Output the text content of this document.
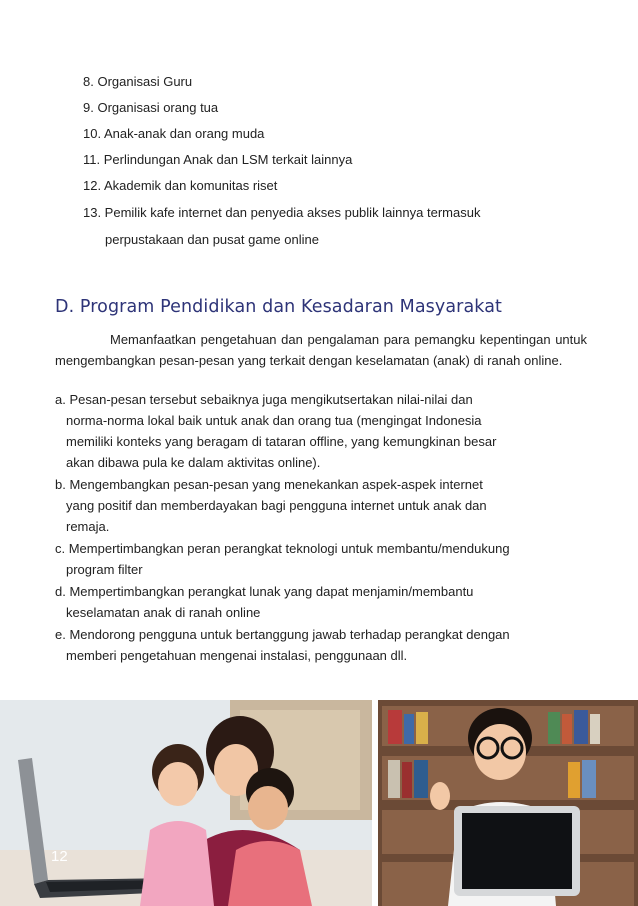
8. Organisasi Guru
9. Organisasi orang tua
10. Anak-anak dan orang muda
11. Perlindungan Anak dan LSM terkait lainnya
12. Akademik dan komunitas riset
13. Pemilik kafe internet dan penyedia akses publik lainnya termasuk
perpustakaan dan pusat game online
D. Program Pendidikan dan Kesadaran Masyarakat

Memanfaatkan pengetahuan dan pengalaman para pemangku kepentingan untuk mengembangkan pesan-pesan yang terkait dengan keselamatan (anak) di ranah online.

a. Pesan-pesan tersebut sebaiknya juga mengikutsertakan nilai-nilai dan
norma-norma lokal baik untuk anak dan orang tua (mengingat Indonesia
memiliki konteks yang beragam di tataran offline, yang kemungkinan besar
akan dibawa pula ke dalam aktivitas online).
b. Mengembangkan pesan-pesan yang menekankan aspek-aspek internet
yang positif dan memberdayakan bagi pengguna internet untuk anak dan
remaja.
c. Mempertimbangkan peran perangkat teknologi untuk membantu/mendukung
program filter
d. Mempertimbangkan perangkat lunak yang dapat menjamin/membantu
keselamatan anak di ranah online
e. Mendorong pengguna untuk bertanggung jawab terhadap perangkat dengan
memberi pengetahuan mengenai instalasi, penggunaan dll.
12
